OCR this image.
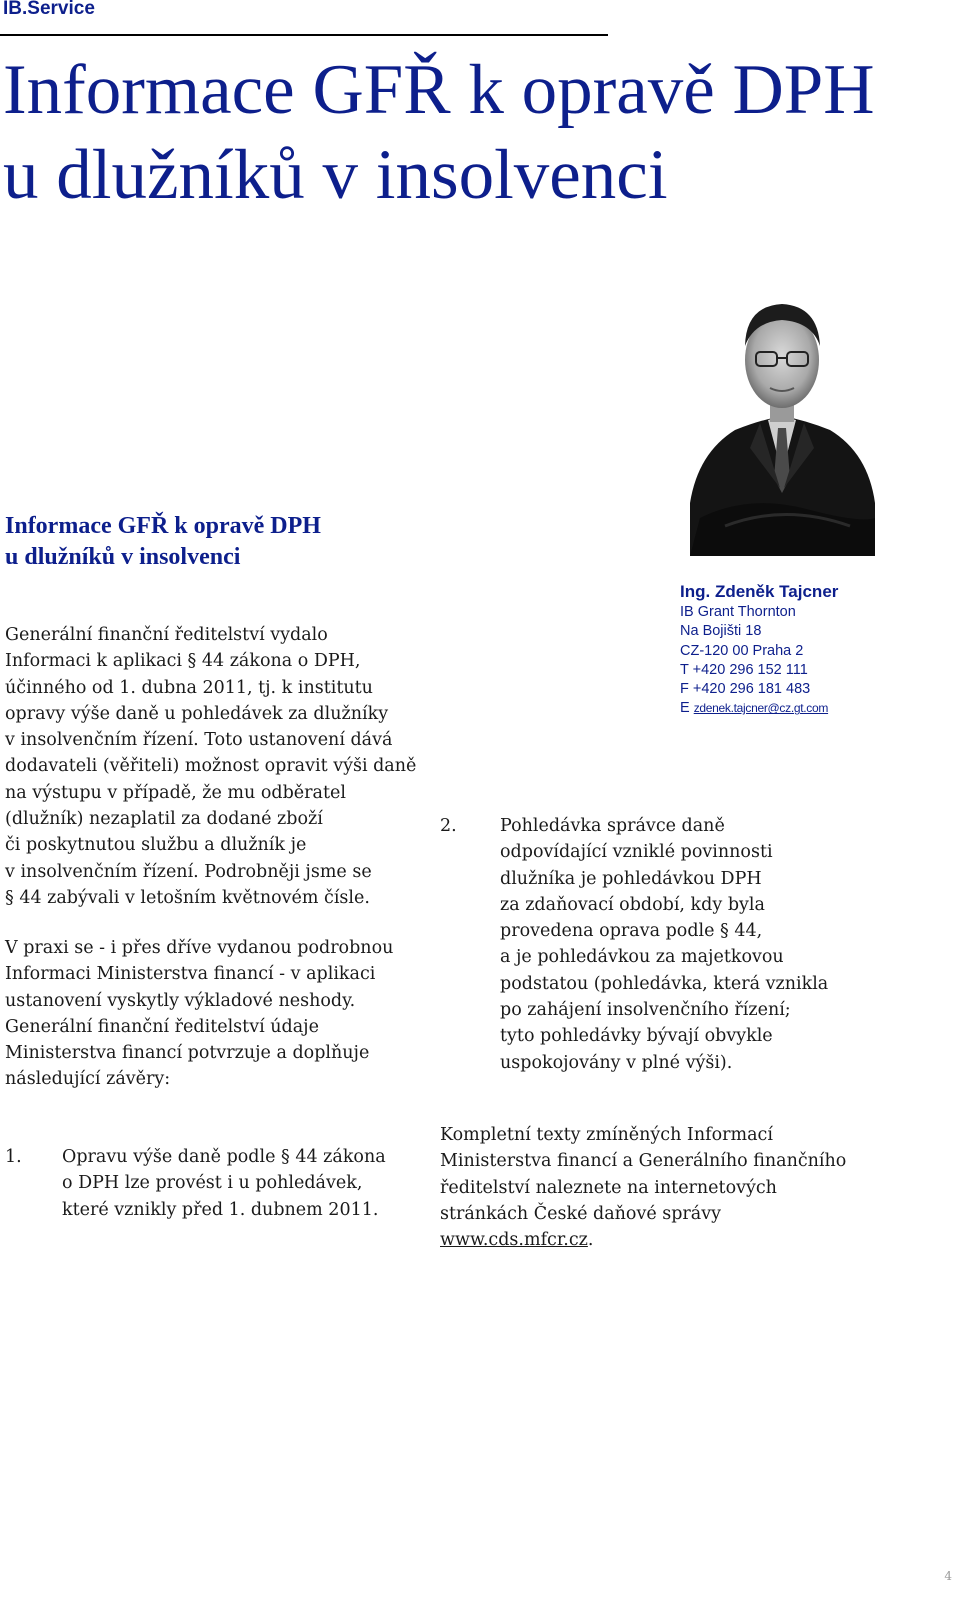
IB.Service
Informace GFŘ k opravě DPH
u dlužníků v insolvenci
Informace GFŘ k opravě DPH
u dlužníků v insolvenci
Ing. Zdeněk Tajcner
IB Grant Thornton
Na Bojišti 18
CZ-120 00 Praha 2
T +420 296 152 111
F +420 296 181 483
E zdenek.tajcner@cz.gt.com
Generální finanční ředitelství vydalo
Informaci k aplikaci § 44 zákona o DPH,
účinného od 1. dubna 2011, tj. k institutu
opravy výše daně u pohledávek za dlužníky
v insolvenčním řízení. Toto ustanovení dává
dodavateli (věřiteli) možnost opravit výši daně
na výstupu v případě, že mu odběratel
(dlužník) nezaplatil za dodané zboží
či poskytnutou službu a dlužník je
v insolvenčním řízení. Podrobněji jsme se
§ 44 zabývali v letošním květnovém čísle.
V praxi se - i přes dříve vydanou podrobnou
Informaci Ministerstva financí - v aplikaci
ustanovení vyskytly výkladové neshody.
Generální finanční ředitelství údaje
Ministerstva financí potvrzuje a doplňuje
následující závěry:
1. Opravu výše daně podle § 44 zákona
o DPH lze provést i u pohledávek,
které vznikly před 1. dubnem 2011.
2. Pohledávka správce daně
odpovídající vzniklé povinnosti
dlužníka je pohledávkou DPH
za zdaňovací období, kdy byla
provedena oprava podle § 44,
a je pohledávkou za majetkovou
podstatou (pohledávka, která vznikla
po zahájení insolvenčního řízení;
tyto pohledávky bývají obvykle
uspokojovány v plné výši).
Kompletní texty zmíněných Informací
Ministerstva financí a Generálního finančního
ředitelství naleznete na internetových
stránkách České daňové správy
www.cds.mfcr.cz.
4
